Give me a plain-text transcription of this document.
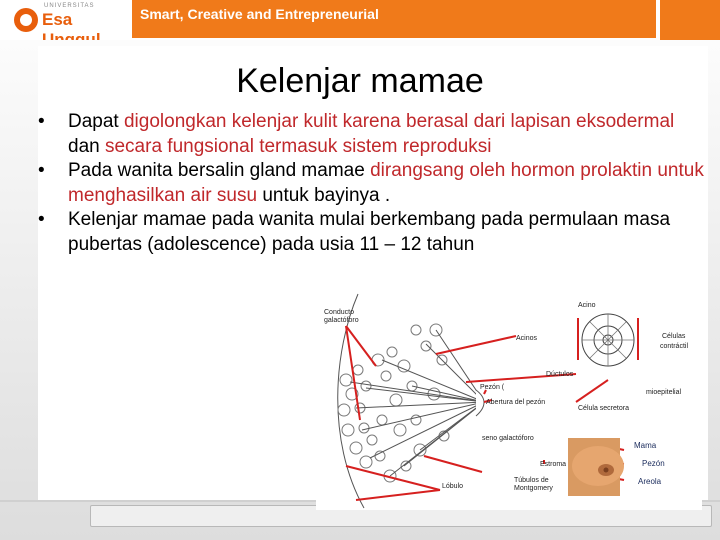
UNIVERSITAS
Esa	Smart, Creative and Entrepreneurial
Kelenjar mamae
• Dapat digolongkan kelenjar kulit karena berasal dari lapisan eksodermal dan secara fungsional termasuk sistem reproduksi
• Pada wanita bersalin gland mamae dirangsang oleh hormon prolaktin untuk menghasilkan air susu untuk bayinya .
• Kelenjar mamae pada wanita mulai berkembang pada permulaan masa pubertas (adolescence) pada usia 11 – 12 tahun
Conducto
galactóforo
Acino
Acinos	Células
contráctil
Dúctulos
Pezón (
Abertura del pezón
Célula secretora
mioepitelial
seno galactóforo
Lóbulo
Túbulos de
Montgomery
Estroma
Mama
Pezón
Areola
